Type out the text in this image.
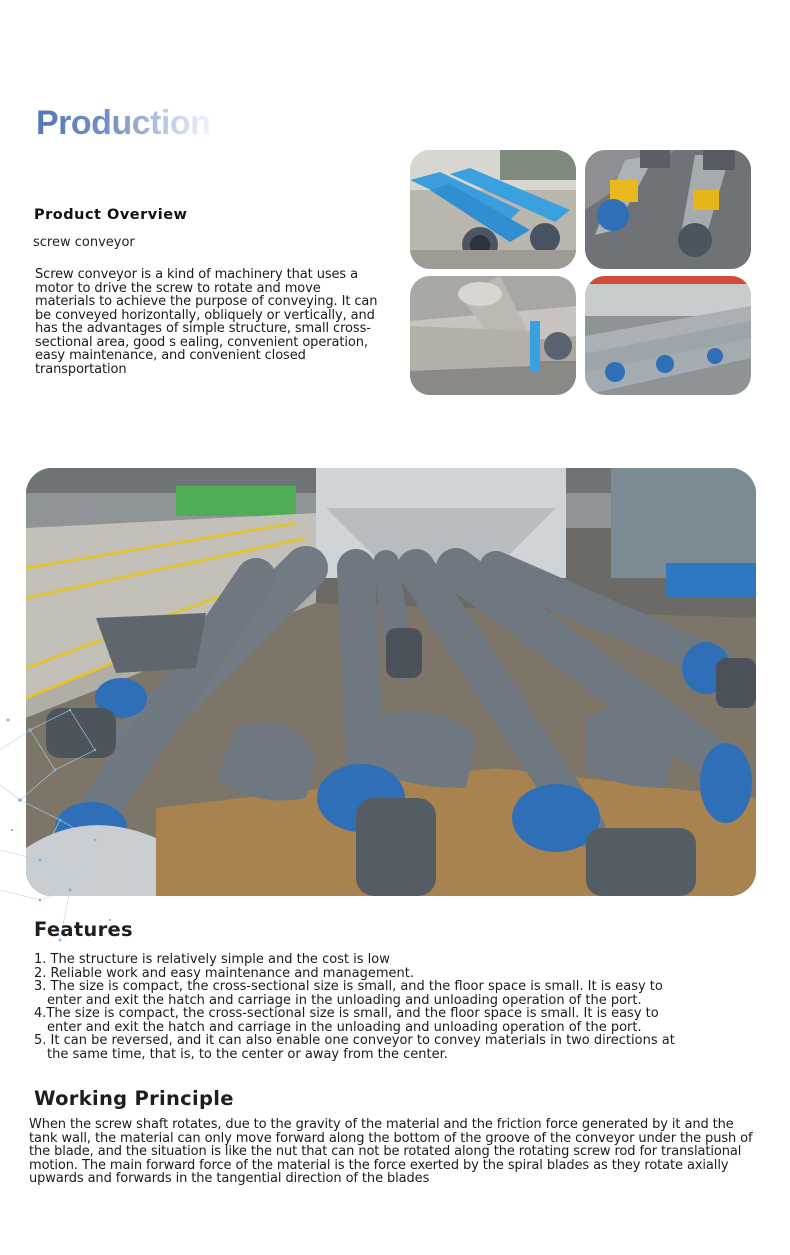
Production
Product Overview
screw conveyor
Screw conveyor is a kind of machinery that uses a motor to drive the screw to rotate and move materials to achieve the purpose of conveying. It can be conveyed horizontally, obliquely or vertically, and has the advantages of simple structure, small cross-sectional area, good s ealing, convenient operation, easy maintenance, and convenient closed transportation
Features
1. The structure is relatively simple and the cost is low
2. Reliable work and easy maintenance and management.
3. The size is compact, the cross-sectional size is small, and the floor space is small. It is easy to
enter and exit the hatch and carriage in the unloading and unloading operation of the port.
4.The size is compact, the cross-sectional size is small, and the floor space is small. It is easy to
enter and exit the hatch and carriage in the unloading and unloading operation of the port.
5. It can be reversed, and it can also enable one conveyor to convey materials in two directions at
the same time, that is, to the center or away from the center.
Working Principle
When the screw shaft rotates, due to the gravity of the material and the friction force generated by it and the tank wall, the material can only move forward along the bottom of the groove of the conveyor under the push of the blade, and the situation is like the nut that can not be rotated along the rotating screw rod for translational motion. The main forward force of the material is the force exerted by the spiral blades as they rotate axially upwards and forwards in the tangential direction of the blades
